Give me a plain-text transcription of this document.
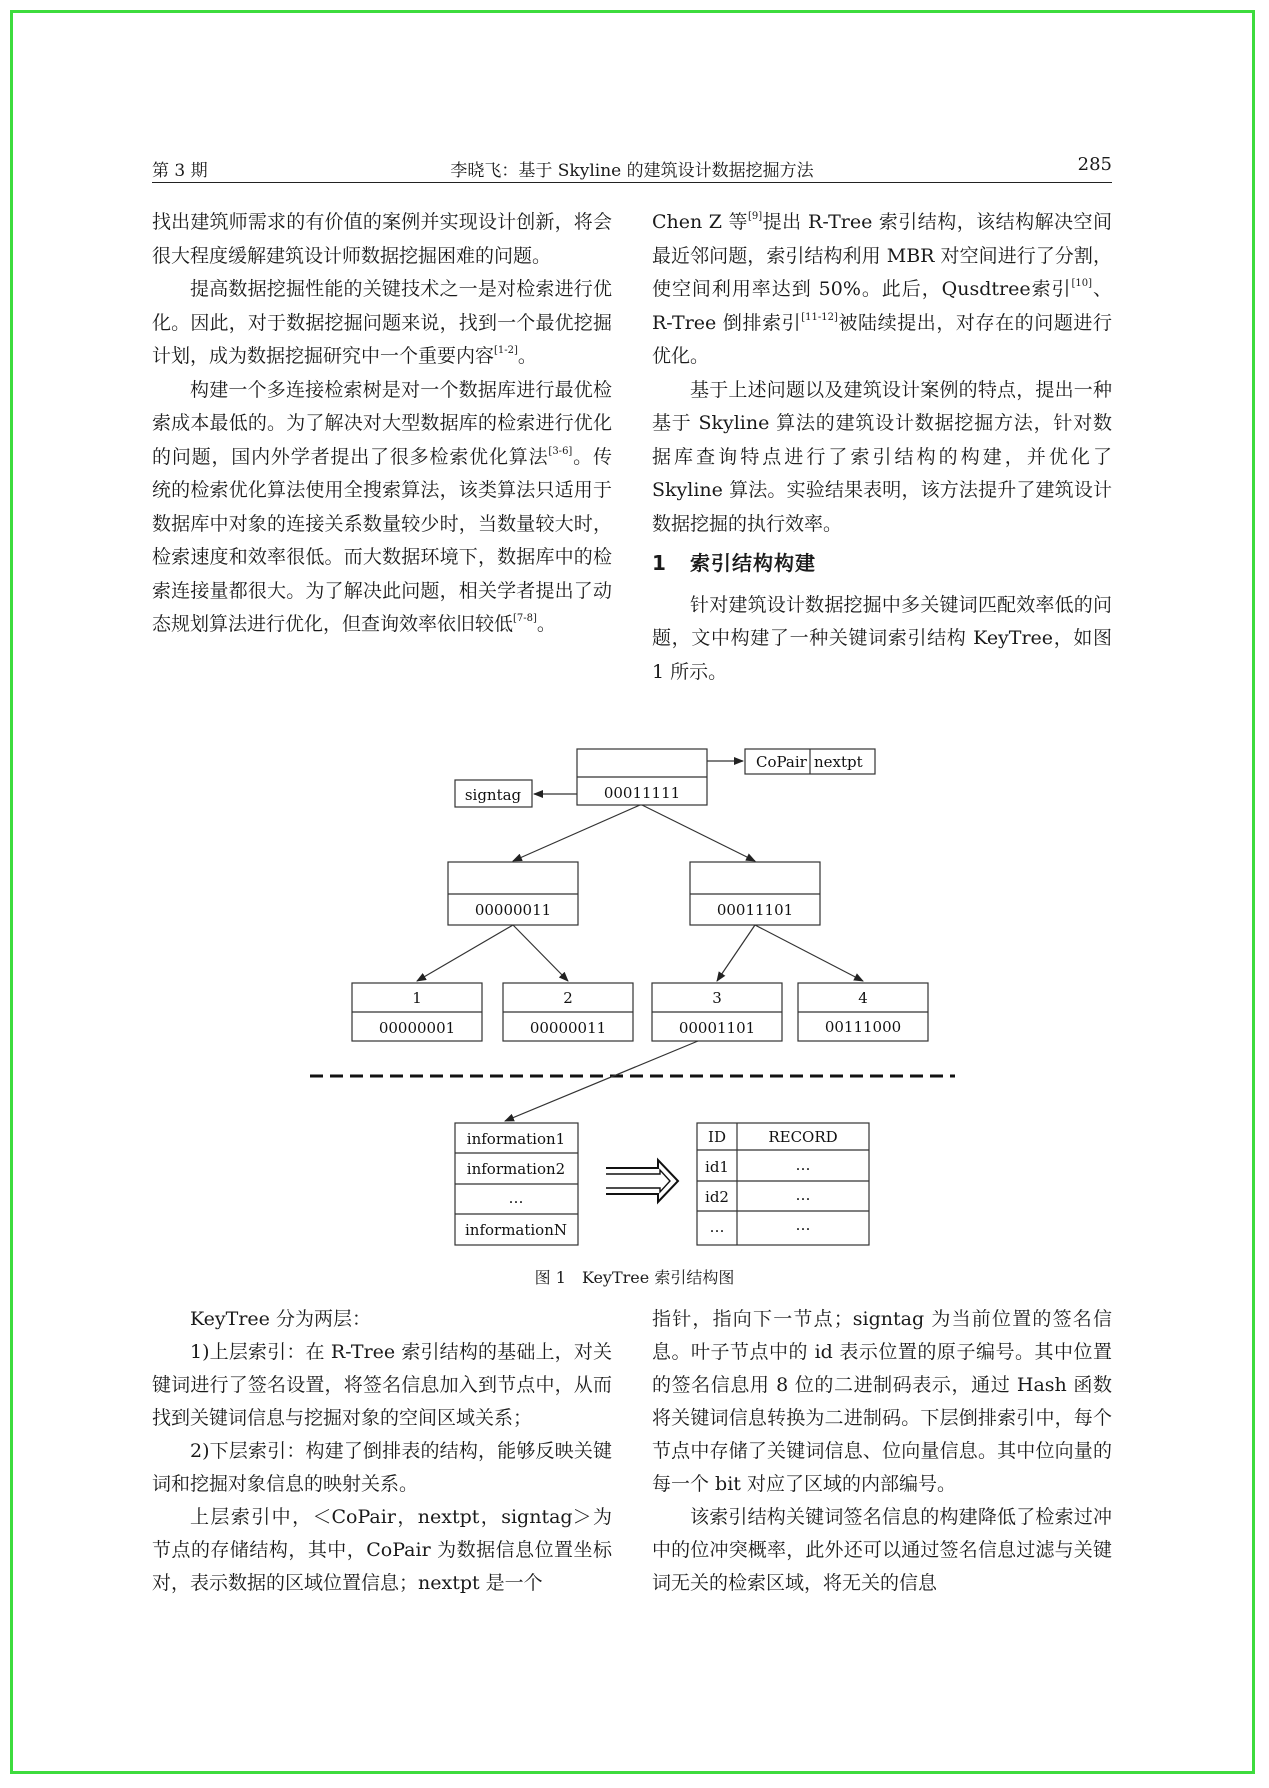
第 3 期	李晓飞：基于 Skyline 的建筑设计数据挖掘方法	285

找出建筑师需求的有价值的案例并实现设计创新，将会很大程度缓解建筑设计师数据挖掘困难的问题。

提高数据挖掘性能的关键技术之一是对检索进行优化。因此，对于数据挖掘问题来说，找到一个最优挖掘计划，成为数据挖掘研究中一个重要内容[1-2]。

构建一个多连接检索树是对一个数据库进行最优检索成本最低的。为了解决对大型数据库的检索进行优化的问题，国内外学者提出了很多检索优化算法[3-6]。传统的检索优化算法使用全搜索算法，该类算法只适用于数据库中对象的连接关系数量较少时，当数量较大时，检索速度和效率很低。而大数据环境下，数据库中的检索连接量都很大。为了解决此问题，相关学者提出了动态规划算法进行优化，但查询效率依旧较低[7-8]。

Chen Z 等[9]提出 R-Tree 索引结构，该结构解决空间最近邻问题，索引结构利用 MBR 对空间进行了分割，使空间利用率达到 50%。此后，Qusdtree索引[10]、R-Tree 倒排索引[11-12]被陆续提出，对存在的问题进行优化。

基于上述问题以及建筑设计案例的特点，提出一种基于 Skyline 算法的建筑设计数据挖掘方法，针对数据库查询特点进行了索引结构的构建，并优化了 Skyline 算法。实验结果表明，该方法提升了建筑设计数据挖掘的执行效率。

1 索引结构构建

针对建筑设计数据挖掘中多关键词匹配效率低的问题，文中构建了一种关键词索引结构 KeyTree，如图 1 所示。

CoPair nextpt
signtag	00011111
00000011	00011101
1
00000001
2
00000011
3
00001101
4
00111000
information1
information2
…
informationN
ID	RECORD
id1	…
id2	…
…	…
图 1　KeyTree 索引结构图

KeyTree 分为两层：

1)上层索引：在 R-Tree 索引结构的基础上，对关键词进行了签名设置，将签名信息加入到节点中，从而找到关键词信息与挖掘对象的空间区域关系；

2)下层索引：构建了倒排表的结构，能够反映关键词和挖掘对象信息的映射关系。

上层索引中，＜CoPair，nextpt，signtag＞为节点的存储结构，其中，CoPair 为数据信息位置坐标对，表示数据的区域位置信息；nextpt 是一个

指针，指向下一节点；signtag 为当前位置的签名信息。叶子节点中的 id 表示位置的原子编号。其中位置的签名信息用 8 位的二进制码表示，通过 Hash 函数将关键词信息转换为二进制码。下层倒排索引中，每个节点中存储了关键词信息、位向量信息。其中位向量的每一个 bit 对应了区域的内部编号。

该索引结构关键词签名信息的构建降低了检索过冲中的位冲突概率，此外还可以通过签名信息过滤与关键词无关的检索区域，将无关的信息
